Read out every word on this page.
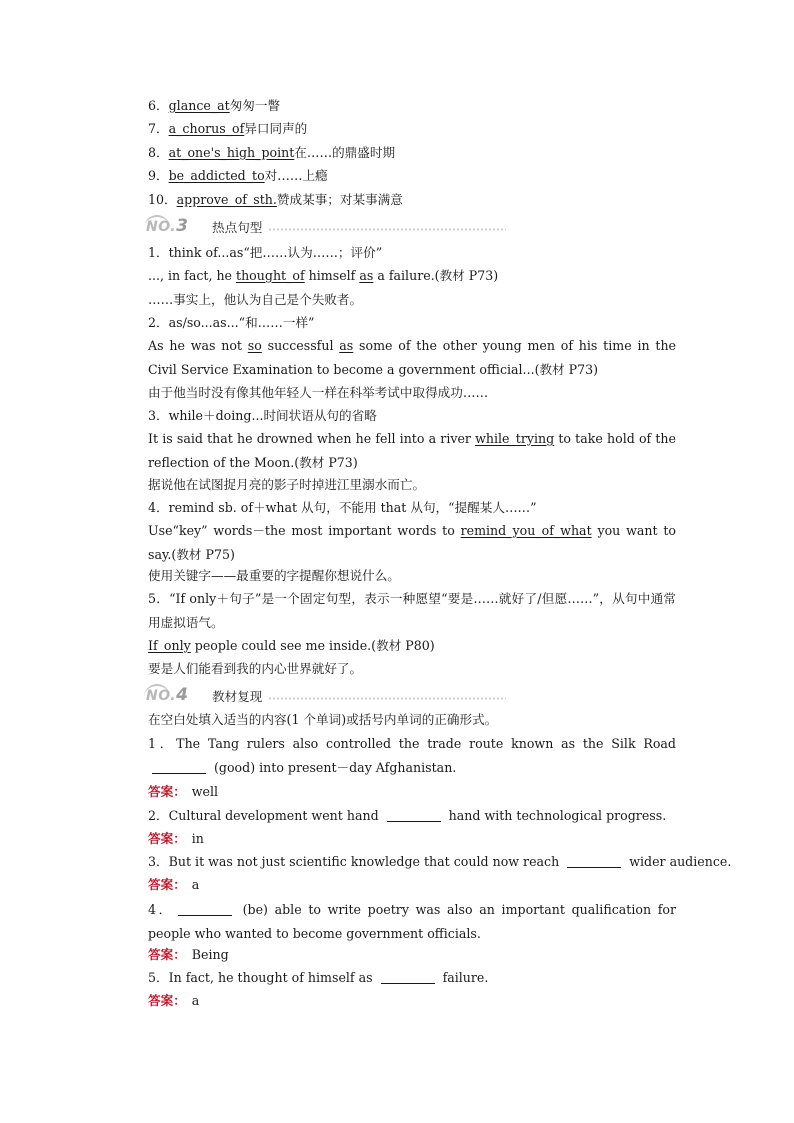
6．glance_at匆匆一瞥
7．a_chorus_of异口同声的
8．at_one's_high_point在……的鼎盛时期
9．be_addicted_to对……上瘾
10．approve_of_sth.赞成某事；对某事满意
NO.3	热点句型
1．think of...as“把……认为……；评价”
..., in fact, he thought_of himself as a failure.(教材 P73)
……事实上，他认为自己是个失败者。
2．as/so...as...“和……一样”
As he was not so successful as some of the other young men of his time in the Civil Service Examination to become a government official...(教材 P73)
由于他当时没有像其他年轻人一样在科举考试中取得成功……
3．while＋doing...时间状语从句的省略
It is said that he drowned when he fell into a river while_trying to take hold of the reflection of the Moon.(教材 P73)
据说他在试图捉月亮的影子时掉进江里溺水而亡。
4．remind sb. of＋what 从句，不能用 that 从句，“提醒某人……”
Use“key” words－the most important words to remind_you_of_what you want to say.(教材 P75)
使用关键字——最重要的字提醒你想说什么。
5．“If only＋句子”是一个固定句型，表示一种愿望“要是……就好了/但愿……”，从句中通常用虚拟语气。
If_only people could see me inside.(教材 P80)
要是人们能看到我的内心世界就好了。
NO.4	教材复现
在空白处填入适当的内容(1 个单词)或括号内单词的正确形式。
1．The Tang rulers also controlled the trade route known as the Silk Road  (good) into present－day Afghanistan.
答案： well
2．Cultural development went hand	hand with technological progress.
答案： in
3．But it was not just scientific knowledge that could now reach	wider audience.
答案： a
4．	(be) able to write poetry was also an important qualification for people who wanted to become government officials.
答案： Being
5．In fact, he thought of himself as	failure.
答案： a
